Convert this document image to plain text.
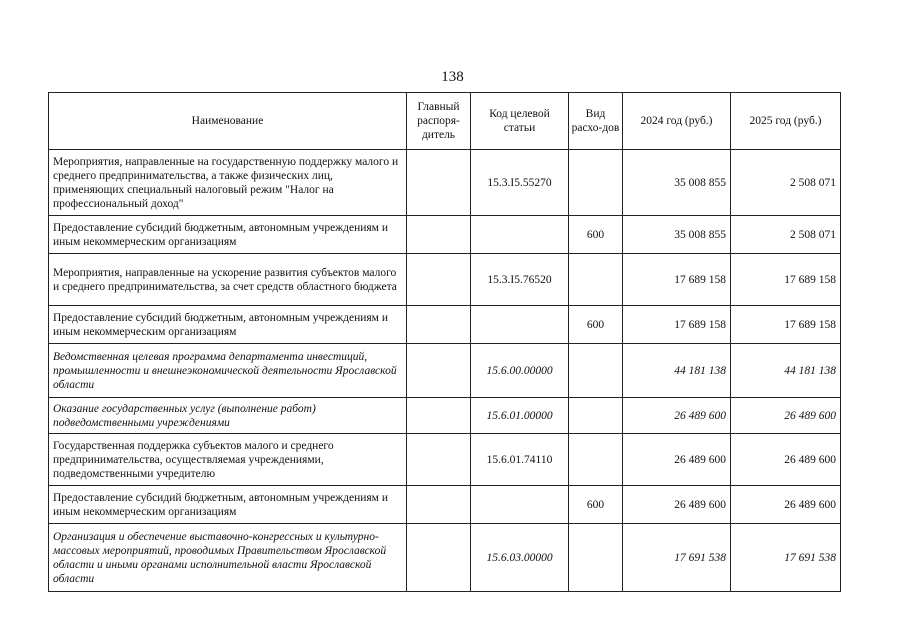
138
Наименование	Главный распоря-дитель	Код целевой статьи	Вид расхо-дов	2024 год (руб.)	2025 год (руб.)
Мероприятия, направленные на государственную поддержку малого и среднего предпринимательства, а также физических лиц, применяющих специальный налоговый режим "Налог на профессиональный доход"		15.3.I5.55270		35 008 855	2 508 071
Предоставление субсидий бюджетным, автономным учреждениям и иным некоммерческим организациям			600	35 008 855	2 508 071
Мероприятия, направленные на ускорение развития субъектов малого и среднего предпринимательства, за счет средств областного бюджета		15.3.I5.76520		17 689 158	17 689 158
Предоставление субсидий бюджетным, автономным учреждениям и иным некоммерческим организациям			600	17 689 158	17 689 158
Ведомственная целевая программа департамента инвестиций, промышленности и внешнеэкономической деятельности Ярославской области		15.6.00.00000		44 181 138	44 181 138
Оказание государственных услуг (выполнение работ) подведомственными учреждениями		15.6.01.00000		26 489 600	26 489 600
Государственная поддержка субъектов малого и среднего предпринимательства, осуществляемая учреждениями, подведомственными учредителю		15.6.01.74110		26 489 600	26 489 600
Предоставление субсидий бюджетным, автономным учреждениям и иным некоммерческим организациям			600	26 489 600	26 489 600
Организация и обеспечение выставочно-конгрессных и культурно-массовых мероприятий, проводимых Правительством Ярославской области и иными органами исполнительной власти Ярославской области		15.6.03.00000		17 691 538	17 691 538
